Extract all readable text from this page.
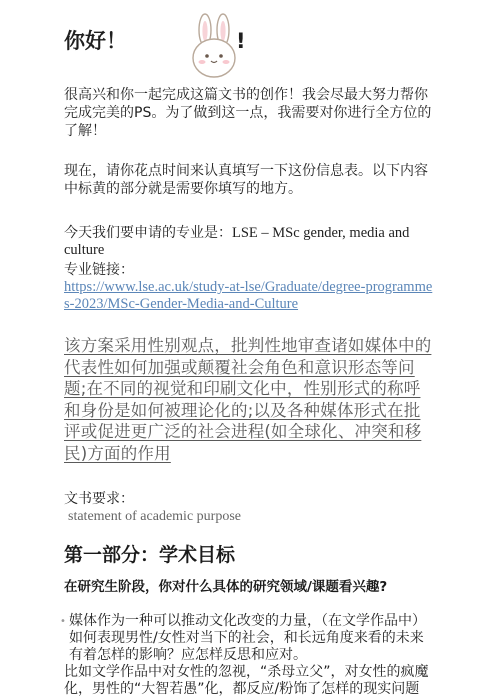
你好！	!

很高兴和你一起完成这篇文书的创作！我会尽最大努力帮你完成完美的PS。为了做到这一点，我需要对你进行全方位的了解！

现在，请你花点时间来认真填写一下这份信息表。以下内容中标黄的部分就是需要你填写的地方。

今天我们要申请的专业是：LSE – MSc gender, media and culture
专业链接：

https://www.lse.ac.uk/study-at-lse/Graduate/degree-programmes-2023/MSc-Gender-Media-and-Culture

该方案采用性别观点，批判性地审查诸如媒体中的代表性如何加强或颠覆社会角色和意识形态等问题;在不同的视觉和印刷文化中，性别形式的称呼和身份是如何被理论化的;以及各种媒体形式在批评或促进更广泛的社会进程(如全球化、冲突和移民)方面的作用
文书要求：
statement of academic purpose
第一部分：学术目标
在研究生阶段，你对什么具体的研究领域/课题看兴趣?
• 媒体作为一种可以推动文化改变的力量，（在文学作品中）如何表现男性/女性对当下的社会，和长远角度来看的未来有着怎样的影响？应怎样反思和应对。

比如文学作品中对女性的忽视，“杀母立父”，对女性的疯魔化，男性的“大智若愚”化，都反应/粉饰了怎样的现实问题
